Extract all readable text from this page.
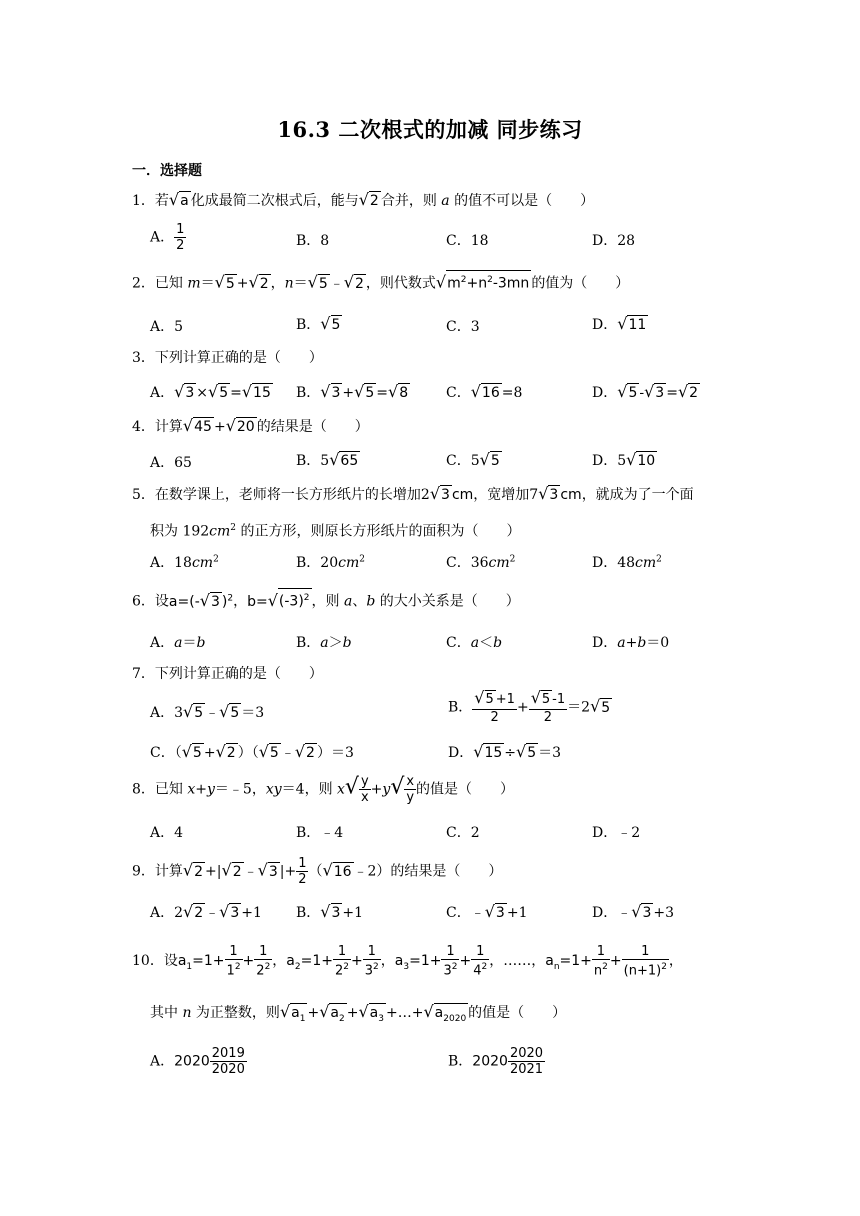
16.3 二次根式的加减 同步练习
一．选择题
1．若√a 化成最简二次根式后，能与√2 合并，则 a 的值不可以是（　　）
A． $\frac{1}{2}$	B．8	C．18	D．28
2．已知 m＝√5 +√2 ，n＝√5 ﹣√2 ，则代数式$√m^2+n^2-3mn$ 的值为（　　）
A．5	B．√5	C．3	D．√11
3．下列计算正确的是（　　）
A．√3 ×√5 =√15 B．√3 +√5 =√8	C．√16 =8	D．√5 -√3 =√2
4．计算√45 +√20 的结果是（　　）
A．65	B．5√65	C．5√5	D．5√10
5．在数学课上，老师将一长方形纸片的长增加2√3 cm，宽增加7√3 cm，就成为了一个面
积为 $192cm^2$ 的正方形，则原长方形纸片的面积为（　　）
A．$18cm^2$	B．$20cm^2$	C．$36cm^2$	D．$48cm^2$
6．设a=(-√3 )$^2$，$b=√(-3)^2$ ，则 a、b 的大小关系是（　　）
A．a＝b	B．a＞b	C．a＜b	D．a+b＝0
7．下列计算正确的是（　　）
A．3√5 ﹣√5 ＝3	B． $\frac{√5 +1}{2} + \frac{√5 -1}{2} =2√5$
C．（√5 +√2 ）（√5 ﹣√2 ）＝3	D．√15 ÷√5 ＝3
8．已知 x+y＝﹣5，xy＝4，则 $x√ \frac{y}{x} +y√ \frac{x}{y}$ 的值是（　　）
A．4	B．﹣4	C．2	D．﹣2
9．计算√2 +|√2 ﹣√3 |+ $\frac{1}{2} (√16$ ﹣2）的结果是（　　）
A．2√2 ﹣√3 +1 B．√3 +1	C．﹣√3 +1	D．﹣√3 +3
10．设$a_1=1+ \frac{1}{1^2} + \frac{1}{2^2}$ ，$a_2=1+ \frac{1}{2^2} + \frac{1}{3^2}$ ，$a_3=1+ \frac{1}{3^2} + \frac{1}{4^2}$ ，……，$a_n=1+ \frac{1}{n^2} + \frac{1}{(n+1)^2}$ ，
其中 n 为正整数，则$√a_1 +√a_2 +√a_3$ $+\dots+√a_{2020}$ 的值是（　　）
A．$2020 \frac{2019}{2020}$	B．$2020 \frac{2020}{2021}$
